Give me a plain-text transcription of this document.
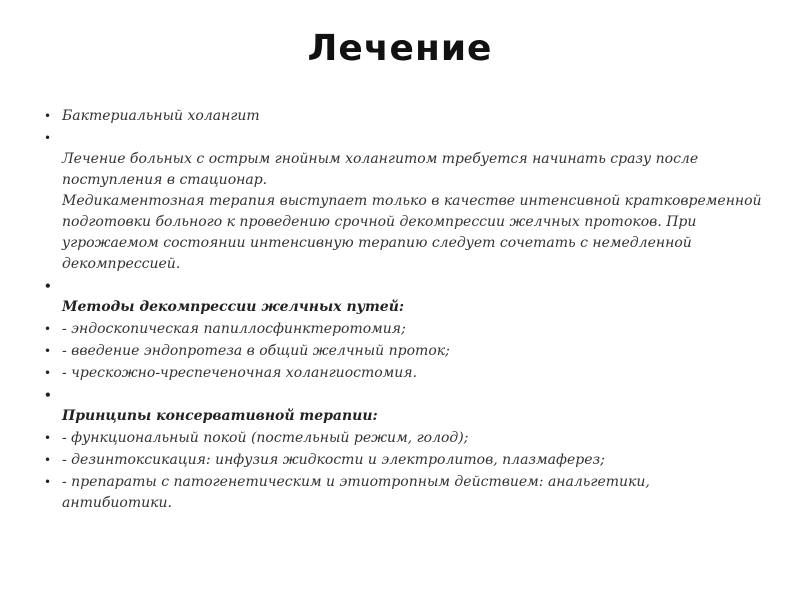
Лечение
• Бактериальный холангит
• Лечение больных с острым гнойным холангитом требуется начинать сразу после поступления в стационар.
Медикаментозная терапия выступает только в качестве интенсивной кратковременной подготовки больного к проведению срочной декомпрессии желчных протоков. При угрожаемом состоянии интенсивную терапию следует сочетать с немедленной декомпрессией.
• Методы декомпрессии желчных путей:
• - эндоскопическая папиллосфинктеротомия;
• - введение эндопротеза в общий желчный проток;
• - чрескожно-чреспеченочная холангиостомия.
• Принципы консервативной терапии:
• - функциональный покой (постельный режим, голод);
• - дезинтоксикация: инфузия жидкости и электролитов, плазмаферез;
• - препараты с патогенетическим и этиотропным действием: анальгетики, антибиотики.
